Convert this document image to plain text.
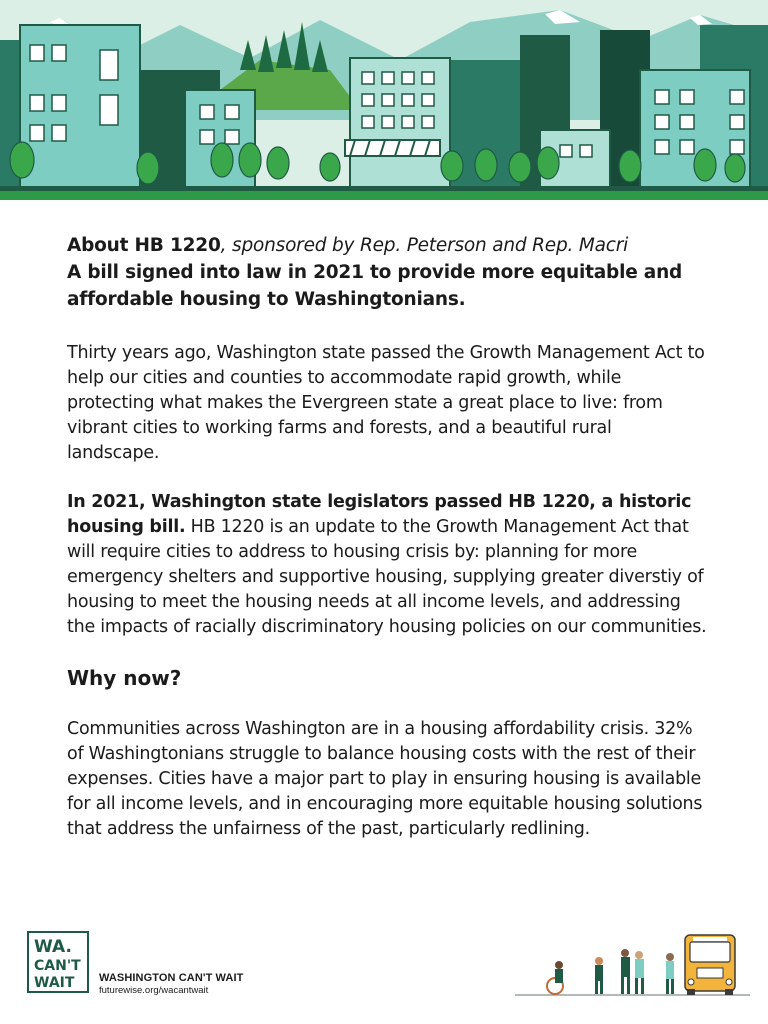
About HB 1220, sponsored by Rep. Peterson and Rep. Macri

A bill signed into law in 2021 to provide more equitable and

affordable housing to Washingtonians.

Thirty years ago, Washington state passed the Growth Management Act to help our cities and counties to accommodate rapid growth, while protecting what makes the Evergreen state a great place to live: from vibrant cities to working farms and forests, and a beautiful rural landscape.

In 2021, Washington state legislators passed HB 1220, a historic housing bill. HB 1220 is an update to the Growth Management Act that will require cities to address to housing crisis by: planning for more emergency shelters and supportive housing, supplying greater diverstiy of housing to meet the housing needs at all income levels, and addressing the impacts of racially discriminatory housing policies on our communities.

Why now?

Communities across Washington are in a housing affordability crisis. 32% of Washingtonians struggle to balance housing costs with the rest of their expenses. Cities have a major part to play in ensuring housing is available for all income levels, and in encouraging more equitable housing solutions that address the unfairness of the past, particularly redlining.

WA.
CAN'T
WAIT WASHINGTON CAN'T WAIT
futurewise.org/wacantwait
